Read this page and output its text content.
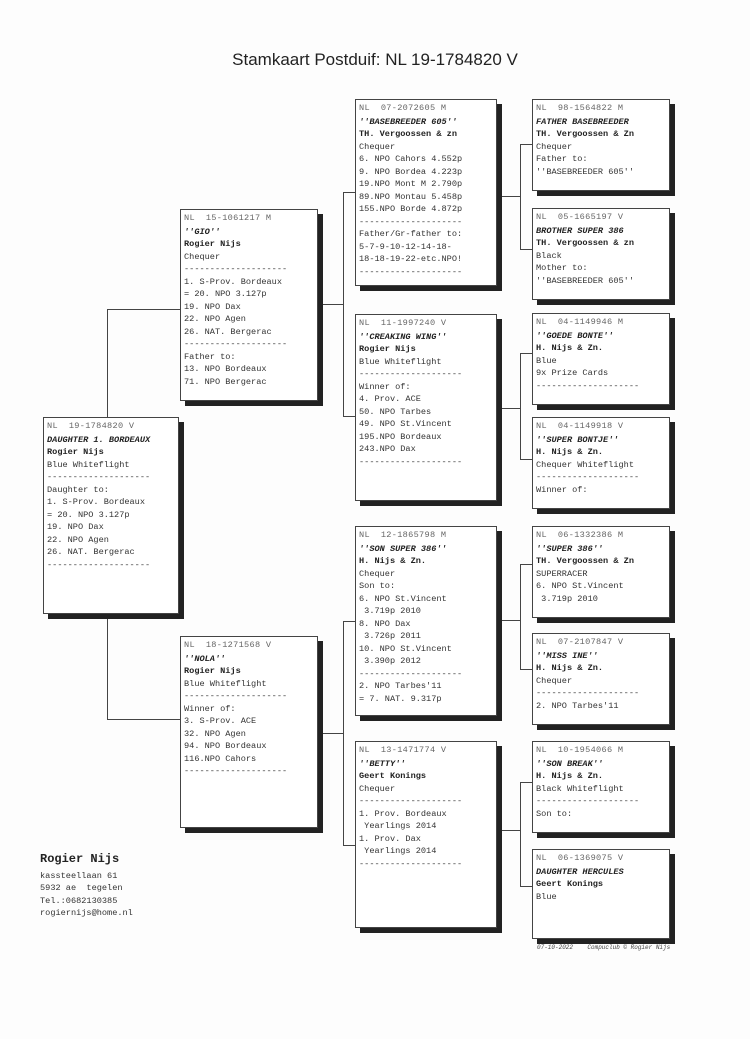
Stamkaart Postduif: NL 19-1784820 V
NL  19-1784820 V
DAUGHTER 1. BORDEAUX
Rogier Nijs
Blue Whiteflight
--------------------
Daughter to:
1. S-Prov. Bordeaux
= 20. NPO 3.127p
19. NPO Dax
22. NPO Agen
26. NAT. Bergerac
--------------------
NL  15-1061217 M
''GIO''
Rogier Nijs
Chequer
--------------------
1. S-Prov. Bordeaux
= 20. NPO 3.127p
19. NPO Dax
22. NPO Agen
26. NAT. Bergerac
--------------------
Father to:
13. NPO Bordeaux
71. NPO Bergerac
NL  18-1271568 V
''NOLA''
Rogier Nijs
Blue Whiteflight
--------------------
Winner of:
3. S-Prov. ACE
32. NPO Agen
94. NPO Bordeaux
116.NPO Cahors
--------------------
NL  07-2072605 M
''BASEBREEDER 605''
TH. Vergoossen & zn
Chequer
6. NPO Cahors 4.552p
9. NPO Bordea 4.223p
19.NPO Mont M 2.790p
89.NPO Montau 5.458p
155.NPO Borde 4.872p
--------------------
Father/Gr-father to:
5-7-9-10-12-14-18-
18-18-19-22-etc.NPO!
--------------------
NL  11-1997240 V
''CREAKING WING''
Rogier Nijs
Blue Whiteflight
--------------------
Winner of:
4. Prov. ACE
50. NPO Tarbes
49. NPO St.Vincent
195.NPO Bordeaux
243.NPO Dax
--------------------
NL  12-1865798 M
''SON SUPER 386''
H. Nijs & Zn.
Chequer
Son to:
6. NPO St.Vincent
3.719p 2010
8. NPO Dax
3.726p 2011
10. NPO St.Vincent
3.390p 2012
--------------------
2. NPO Tarbes'11
= 7. NAT. 9.317p
NL  13-1471774 V
''BETTY''
Geert Konings
Chequer
--------------------
1. Prov. Bordeaux
Yearlings 2014
1. Prov. Dax
Yearlings 2014
--------------------
NL  98-1564822 M
FATHER BASEBREEDER
TH. Vergoossen & Zn
Chequer
Father to:
''BASEBREEDER 605''
NL  05-1665197 V
BROTHER SUPER 386
TH. Vergoossen & zn
Black
Mother to:
''BASEBREEDER 605''
NL  04-1149946 M
''GOEDE BONTE''
H. Nijs & Zn.
Blue
9x Prize Cards
--------------------
NL  04-1149918 V
''SUPER BONTJE''
H. Nijs & Zn.
Chequer Whiteflight
--------------------
Winner of:
NL  06-1332386 M
''SUPER 386''
TH. Vergoossen & Zn
SUPERRACER
6. NPO St.Vincent
3.719p 2010
NL  07-2107847 V
''MISS INE''
H. Nijs & Zn.
Chequer
--------------------
2. NPO Tarbes'11
NL  10-1954066 M
''SON BREAK''
H. Nijs & Zn.
Black Whiteflight
--------------------
Son to:
NL  06-1369075 V
DAUGHTER HERCULES
Geert Konings
Blue
Rogier Nijs
kassteellaan 61
5932 ae  tegelen
Tel.:0682130385
rogiernijs@home.nl
07-10-2022    Compuclub © Rogier Nijs
